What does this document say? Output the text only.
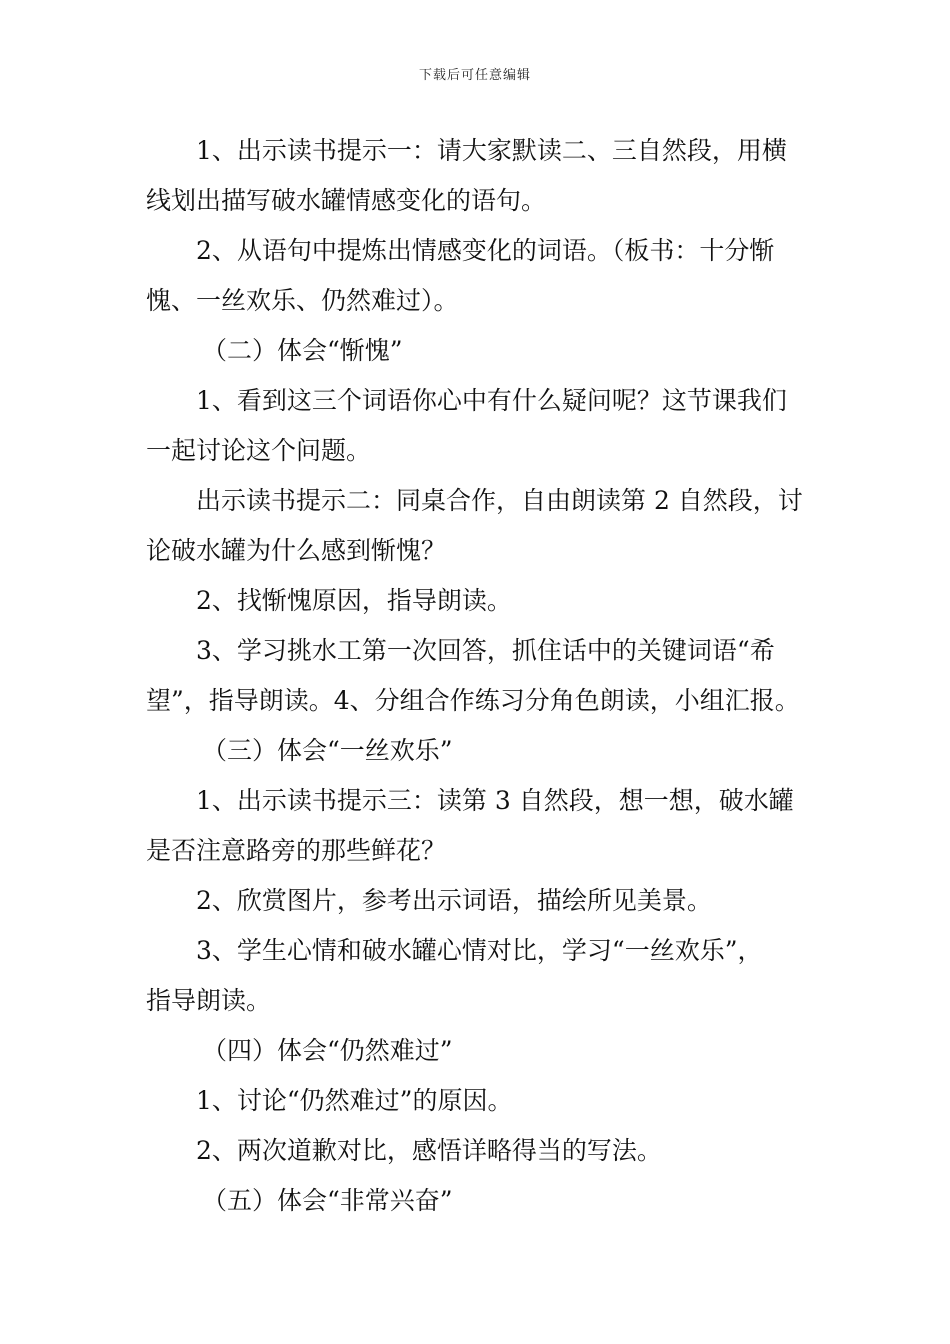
下载后可任意编辑
1、出示读书提示一：请大家默读二、三自然段，用横
线划出描写破水罐情感变化的语句。
2、从语句中提炼出情感变化的词语。（板书：十分惭
愧、一丝欢乐、仍然难过）。
（二）体会“惭愧”
1、看到这三个词语你心中有什么疑问呢？这节课我们
一起讨论这个问题。
出示读书提示二：同桌合作，自由朗读第 2 自然段，讨
论破水罐为什么感到惭愧？
2、找惭愧原因，指导朗读。
3、学习挑水工第一次回答，抓住话中的关键词语“希
望”，指导朗读。4、分组合作练习分角色朗读，小组汇报。
（三）体会“一丝欢乐”
1、出示读书提示三：读第 3 自然段，想一想，破水罐
是否注意路旁的那些鲜花？
2、欣赏图片，参考出示词语，描绘所见美景。
3、学生心情和破水罐心情对比，学习“一丝欢乐”，
指导朗读。
（四）体会“仍然难过”
1、讨论“仍然难过”的原因。
2、两次道歉对比，感悟详略得当的写法。
（五）体会“非常兴奋”
